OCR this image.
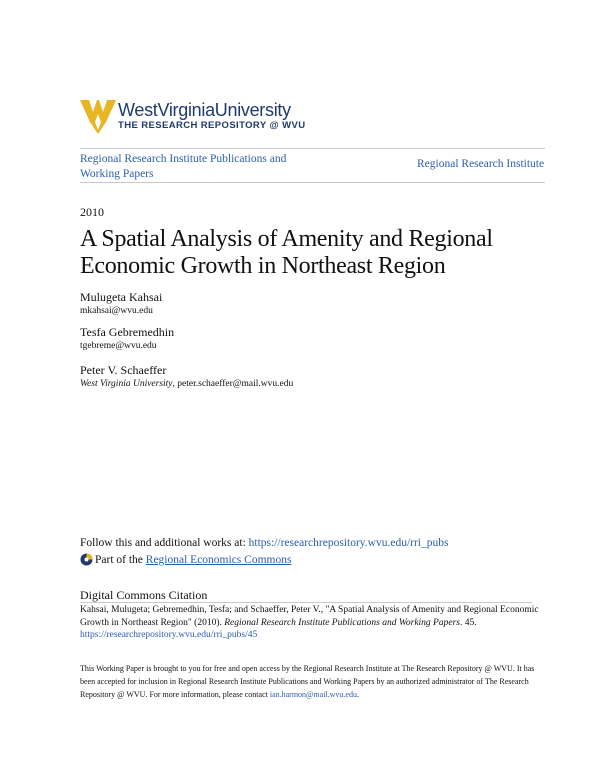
WestVirginiaUniversity
THE RESEARCH REPOSITORY @ WVU
Regional Research Institute Publications and Working Papers
Regional Research Institute
2010
A Spatial Analysis of Amenity and Regional Economic Growth in Northeast Region
Mulugeta Kahsai
mkahsai@wvu.edu
Tesfa Gebremedhin
tgebreme@wvu.edu
Peter V. Schaeffer
West Virginia University, peter.schaeffer@mail.wvu.edu
Follow this and additional works at: https://researchrepository.wvu.edu/rri_pubs
Part of the Regional Economics Commons
Digital Commons Citation
Kahsai, Mulugeta; Gebremedhin, Tesfa; and Schaeffer, Peter V., "A Spatial Analysis of Amenity and Regional Economic Growth in Northeast Region" (2010). Regional Research Institute Publications and Working Papers. 45.
https://researchrepository.wvu.edu/rri_pubs/45
This Working Paper is brought to you for free and open access by the Regional Research Institute at The Research Repository @ WVU. It has been accepted for inclusion in Regional Research Institute Publications and Working Papers by an authorized administrator of The Research Repository @ WVU. For more information, please contact ian.harmon@mail.wvu.edu.
